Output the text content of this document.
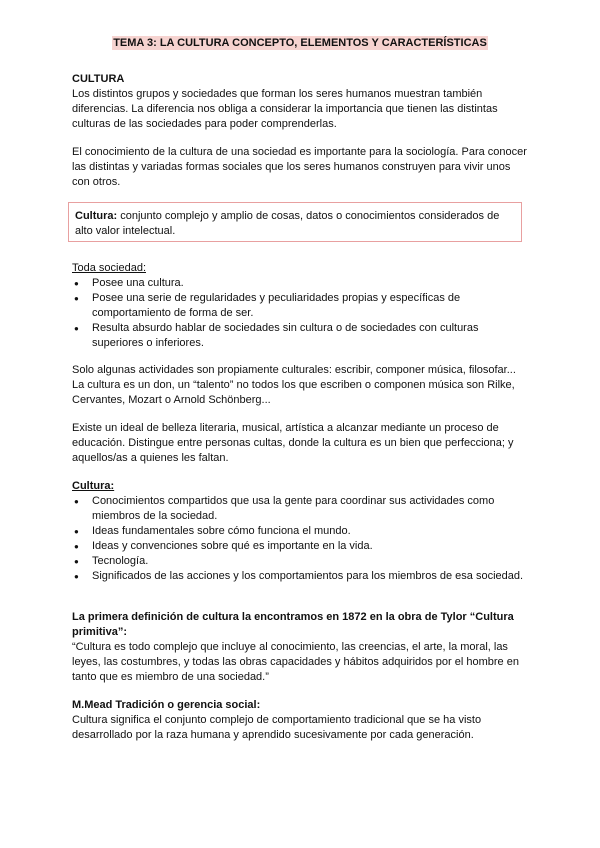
TEMA 3: LA CULTURA CONCEPTO, ELEMENTOS Y CARACTERÍSTICAS

CULTURA

Los distintos grupos y sociedades que forman los seres humanos muestran también diferencias. La diferencia nos obliga a considerar la importancia que tienen las distintas culturas de las sociedades para poder comprenderlas.

El conocimiento de la cultura de una sociedad es importante para la sociología. Para conocer las distintas y variadas formas sociales que los seres humanos construyen para vivir unos con otros.

Cultura: conjunto complejo y amplio de cosas, datos o conocimientos considerados de alto valor intelectual.

Toda sociedad:

● Posee una cultura.
● Posee una serie de regularidades y peculiaridades propias y específicas de comportamiento de forma de ser.
● Resulta absurdo hablar de sociedades sin cultura o de sociedades con culturas superiores o inferiores.

Solo algunas actividades son propiamente culturales: escribir, componer música, filosofar... La cultura es un don, un “talento” no todos los que escriben o componen música son Rilke, Cervantes, Mozart o Arnold Schönberg...

Existe un ideal de belleza literaria, musical, artística a alcanzar mediante un proceso de educación. Distingue entre personas cultas, donde la cultura es un bien que perfecciona; y aquellos/as a quienes les faltan.

Cultura:

● Conocimientos compartidos que usa la gente para coordinar sus actividades como miembros de la sociedad.
● Ideas fundamentales sobre cómo funciona el mundo.
● Ideas y convenciones sobre qué es importante en la vida.
● Tecnología.
● Significados de las acciones y los comportamientos para los miembros de esa sociedad.

La primera definición de cultura la encontramos en 1872 en la obra de Tylor “Cultura primitiva”:

“Cultura es todo complejo que incluye al conocimiento, las creencias, el arte, la moral, las leyes, las costumbres, y todas las obras capacidades y hábitos adquiridos por el hombre en tanto que es miembro de una sociedad.”

M.Mead Tradición o gerencia social:

Cultura significa el conjunto complejo de comportamiento tradicional que se ha visto desarrollado por la raza humana y aprendido sucesivamente por cada generación.
